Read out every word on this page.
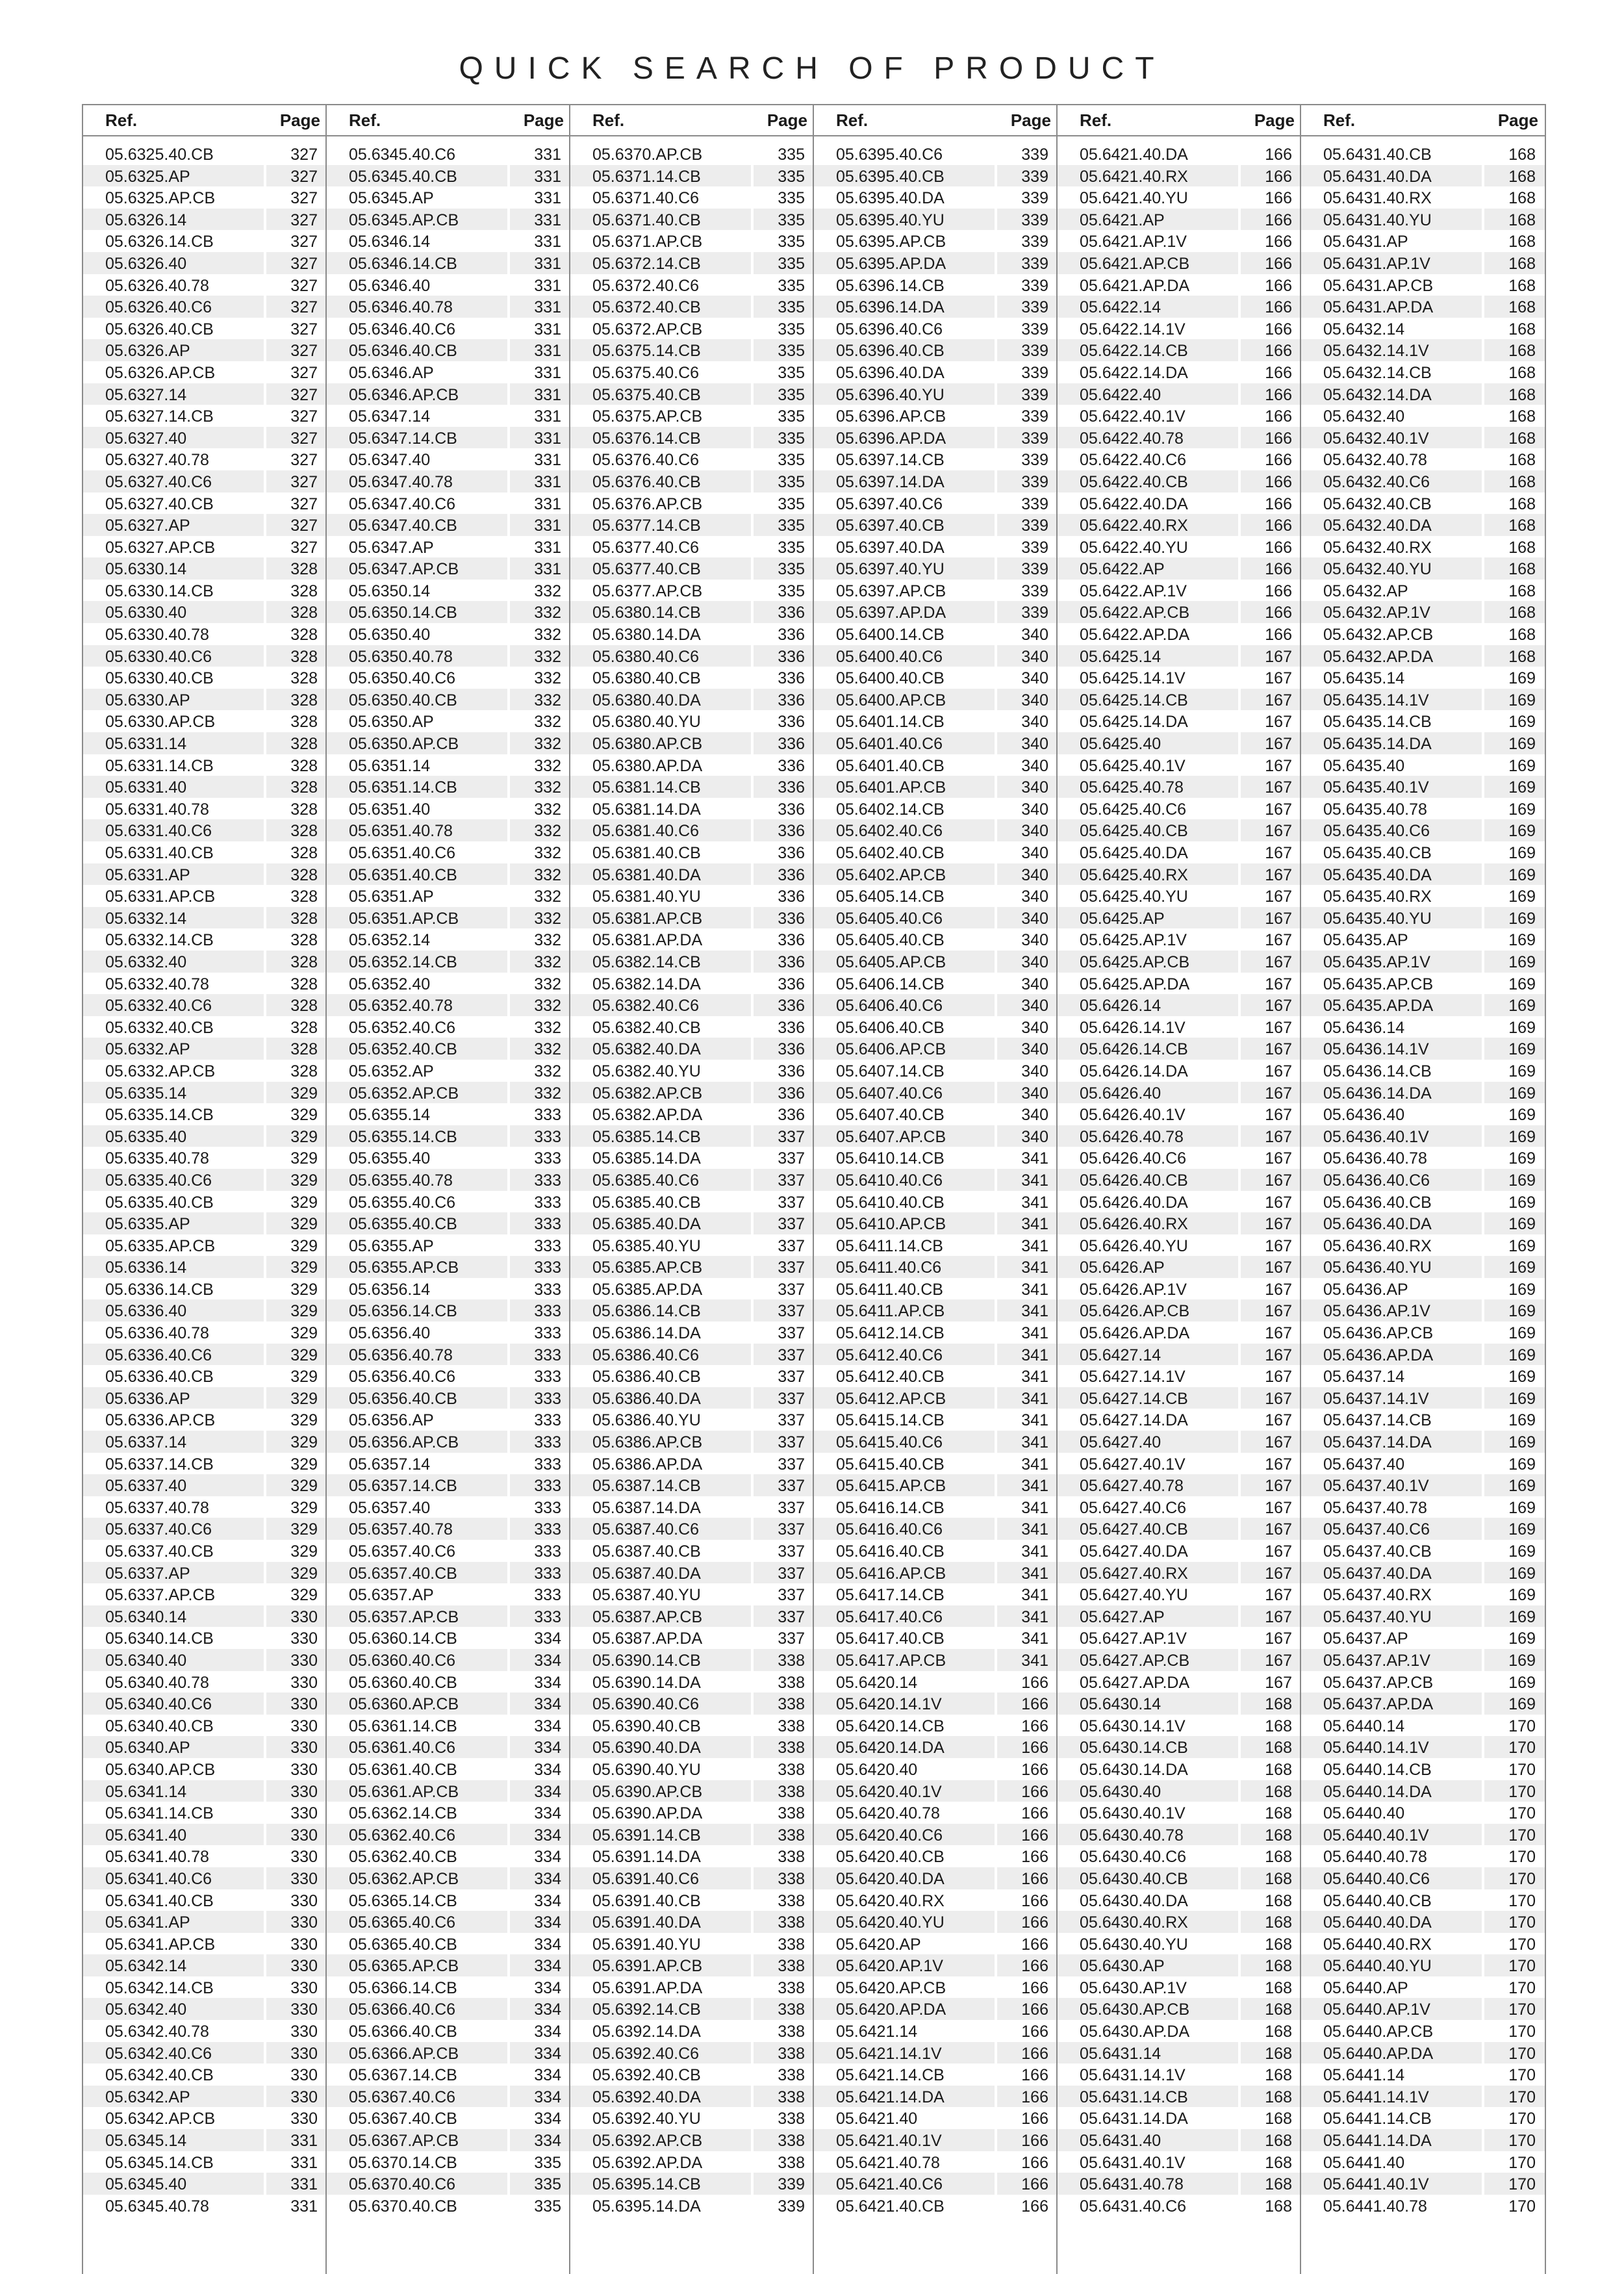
QUICK SEARCH OF PRODUCT
Ref.	Page
05.6325.40.CB	327
05.6325.AP	327
05.6325.AP.CB	327
05.6326.14	327
05.6326.14.CB	327
05.6326.40	327
05.6326.40.78	327
05.6326.40.C6	327
05.6326.40.CB	327
05.6326.AP	327
05.6326.AP.CB	327
05.6327.14	327
05.6327.14.CB	327
05.6327.40	327
05.6327.40.78	327
05.6327.40.C6	327
05.6327.40.CB	327
05.6327.AP	327
05.6327.AP.CB	327
05.6330.14	328
05.6330.14.CB	328
05.6330.40	328
05.6330.40.78	328
05.6330.40.C6	328
05.6330.40.CB	328
05.6330.AP	328
05.6330.AP.CB	328
05.6331.14	328
05.6331.14.CB	328
05.6331.40	328
05.6331.40.78	328
05.6331.40.C6	328
05.6331.40.CB	328
05.6331.AP	328
05.6331.AP.CB	328
05.6332.14	328
05.6332.14.CB	328
05.6332.40	328
05.6332.40.78	328
05.6332.40.C6	328
05.6332.40.CB	328
05.6332.AP	328
05.6332.AP.CB	328
05.6335.14	329
05.6335.14.CB	329
05.6335.40	329
05.6335.40.78	329
05.6335.40.C6	329
05.6335.40.CB	329
05.6335.AP	329
05.6335.AP.CB	329
05.6336.14	329
05.6336.14.CB	329
05.6336.40	329
05.6336.40.78	329
05.6336.40.C6	329
05.6336.40.CB	329
05.6336.AP	329
05.6336.AP.CB	329
05.6337.14	329
05.6337.14.CB	329
05.6337.40	329
05.6337.40.78	329
05.6337.40.C6	329
05.6337.40.CB	329
05.6337.AP	329
05.6337.AP.CB	329
05.6340.14	330
05.6340.14.CB	330
05.6340.40	330
05.6340.40.78	330
05.6340.40.C6	330
05.6340.40.CB	330
05.6340.AP	330
05.6340.AP.CB	330
05.6341.14	330
05.6341.14.CB	330
05.6341.40	330
05.6341.40.78	330
05.6341.40.C6	330
05.6341.40.CB	330
05.6341.AP	330
05.6341.AP.CB	330
05.6342.14	330
05.6342.14.CB	330
05.6342.40	330
05.6342.40.78	330
05.6342.40.C6	330
05.6342.40.CB	330
05.6342.AP	330
05.6342.AP.CB	330
05.6345.14	331
05.6345.14.CB	331
05.6345.40	331
05.6345.40.78	331
Ref.	Page
05.6345.40.C6	331
05.6345.40.CB	331
05.6345.AP	331
05.6345.AP.CB	331
05.6346.14	331
05.6346.14.CB	331
05.6346.40	331
05.6346.40.78	331
05.6346.40.C6	331
05.6346.40.CB	331
05.6346.AP	331
05.6346.AP.CB	331
05.6347.14	331
05.6347.14.CB	331
05.6347.40	331
05.6347.40.78	331
05.6347.40.C6	331
05.6347.40.CB	331
05.6347.AP	331
05.6347.AP.CB	331
05.6350.14	332
05.6350.14.CB	332
05.6350.40	332
05.6350.40.78	332
05.6350.40.C6	332
05.6350.40.CB	332
05.6350.AP	332
05.6350.AP.CB	332
05.6351.14	332
05.6351.14.CB	332
05.6351.40	332
05.6351.40.78	332
05.6351.40.C6	332
05.6351.40.CB	332
05.6351.AP	332
05.6351.AP.CB	332
05.6352.14	332
05.6352.14.CB	332
05.6352.40	332
05.6352.40.78	332
05.6352.40.C6	332
05.6352.40.CB	332
05.6352.AP	332
05.6352.AP.CB	332
05.6355.14	333
05.6355.14.CB	333
05.6355.40	333
05.6355.40.78	333
05.6355.40.C6	333
05.6355.40.CB	333
05.6355.AP	333
05.6355.AP.CB	333
05.6356.14	333
05.6356.14.CB	333
05.6356.40	333
05.6356.40.78	333
05.6356.40.C6	333
05.6356.40.CB	333
05.6356.AP	333
05.6356.AP.CB	333
05.6357.14	333
05.6357.14.CB	333
05.6357.40	333
05.6357.40.78	333
05.6357.40.C6	333
05.6357.40.CB	333
05.6357.AP	333
05.6357.AP.CB	333
05.6360.14.CB	334
05.6360.40.C6	334
05.6360.40.CB	334
05.6360.AP.CB	334
05.6361.14.CB	334
05.6361.40.C6	334
05.6361.40.CB	334
05.6361.AP.CB	334
05.6362.14.CB	334
05.6362.40.C6	334
05.6362.40.CB	334
05.6362.AP.CB	334
05.6365.14.CB	334
05.6365.40.C6	334
05.6365.40.CB	334
05.6365.AP.CB	334
05.6366.14.CB	334
05.6366.40.C6	334
05.6366.40.CB	334
05.6366.AP.CB	334
05.6367.14.CB	334
05.6367.40.C6	334
05.6367.40.CB	334
05.6367.AP.CB	334
05.6370.14.CB	335
05.6370.40.C6	335
05.6370.40.CB	335
Ref.	Page
05.6370.AP.CB	335
05.6371.14.CB	335
05.6371.40.C6	335
05.6371.40.CB	335
05.6371.AP.CB	335
05.6372.14.CB	335
05.6372.40.C6	335
05.6372.40.CB	335
05.6372.AP.CB	335
05.6375.14.CB	335
05.6375.40.C6	335
05.6375.40.CB	335
05.6375.AP.CB	335
05.6376.14.CB	335
05.6376.40.C6	335
05.6376.40.CB	335
05.6376.AP.CB	335
05.6377.14.CB	335
05.6377.40.C6	335
05.6377.40.CB	335
05.6377.AP.CB	335
05.6380.14.CB	336
05.6380.14.DA	336
05.6380.40.C6	336
05.6380.40.CB	336
05.6380.40.DA	336
05.6380.40.YU	336
05.6380.AP.CB	336
05.6380.AP.DA	336
05.6381.14.CB	336
05.6381.14.DA	336
05.6381.40.C6	336
05.6381.40.CB	336
05.6381.40.DA	336
05.6381.40.YU	336
05.6381.AP.CB	336
05.6381.AP.DA	336
05.6382.14.CB	336
05.6382.14.DA	336
05.6382.40.C6	336
05.6382.40.CB	336
05.6382.40.DA	336
05.6382.40.YU	336
05.6382.AP.CB	336
05.6382.AP.DA	336
05.6385.14.CB	337
05.6385.14.DA	337
05.6385.40.C6	337
05.6385.40.CB	337
05.6385.40.DA	337
05.6385.40.YU	337
05.6385.AP.CB	337
05.6385.AP.DA	337
05.6386.14.CB	337
05.6386.14.DA	337
05.6386.40.C6	337
05.6386.40.CB	337
05.6386.40.DA	337
05.6386.40.YU	337
05.6386.AP.CB	337
05.6386.AP.DA	337
05.6387.14.CB	337
05.6387.14.DA	337
05.6387.40.C6	337
05.6387.40.CB	337
05.6387.40.DA	337
05.6387.40.YU	337
05.6387.AP.CB	337
05.6387.AP.DA	337
05.6390.14.CB	338
05.6390.14.DA	338
05.6390.40.C6	338
05.6390.40.CB	338
05.6390.40.DA	338
05.6390.40.YU	338
05.6390.AP.CB	338
05.6390.AP.DA	338
05.6391.14.CB	338
05.6391.14.DA	338
05.6391.40.C6	338
05.6391.40.CB	338
05.6391.40.DA	338
05.6391.40.YU	338
05.6391.AP.CB	338
05.6391.AP.DA	338
05.6392.14.CB	338
05.6392.14.DA	338
05.6392.40.C6	338
05.6392.40.CB	338
05.6392.40.DA	338
05.6392.40.YU	338
05.6392.AP.CB	338
05.6392.AP.DA	338
05.6395.14.CB	339
05.6395.14.DA	339
Ref.	Page
05.6395.40.C6	339
05.6395.40.CB	339
05.6395.40.DA	339
05.6395.40.YU	339
05.6395.AP.CB	339
05.6395.AP.DA	339
05.6396.14.CB	339
05.6396.14.DA	339
05.6396.40.C6	339
05.6396.40.CB	339
05.6396.40.DA	339
05.6396.40.YU	339
05.6396.AP.CB	339
05.6396.AP.DA	339
05.6397.14.CB	339
05.6397.14.DA	339
05.6397.40.C6	339
05.6397.40.CB	339
05.6397.40.DA	339
05.6397.40.YU	339
05.6397.AP.CB	339
05.6397.AP.DA	339
05.6400.14.CB	340
05.6400.40.C6	340
05.6400.40.CB	340
05.6400.AP.CB	340
05.6401.14.CB	340
05.6401.40.C6	340
05.6401.40.CB	340
05.6401.AP.CB	340
05.6402.14.CB	340
05.6402.40.C6	340
05.6402.40.CB	340
05.6402.AP.CB	340
05.6405.14.CB	340
05.6405.40.C6	340
05.6405.40.CB	340
05.6405.AP.CB	340
05.6406.14.CB	340
05.6406.40.C6	340
05.6406.40.CB	340
05.6406.AP.CB	340
05.6407.14.CB	340
05.6407.40.C6	340
05.6407.40.CB	340
05.6407.AP.CB	340
05.6410.14.CB	341
05.6410.40.C6	341
05.6410.40.CB	341
05.6410.AP.CB	341
05.6411.14.CB	341
05.6411.40.C6	341
05.6411.40.CB	341
05.6411.AP.CB	341
05.6412.14.CB	341
05.6412.40.C6	341
05.6412.40.CB	341
05.6412.AP.CB	341
05.6415.14.CB	341
05.6415.40.C6	341
05.6415.40.CB	341
05.6415.AP.CB	341
05.6416.14.CB	341
05.6416.40.C6	341
05.6416.40.CB	341
05.6416.AP.CB	341
05.6417.14.CB	341
05.6417.40.C6	341
05.6417.40.CB	341
05.6417.AP.CB	341
05.6420.14	166
05.6420.14.1V	166
05.6420.14.CB	166
05.6420.14.DA	166
05.6420.40	166
05.6420.40.1V	166
05.6420.40.78	166
05.6420.40.C6	166
05.6420.40.CB	166
05.6420.40.DA	166
05.6420.40.RX	166
05.6420.40.YU	166
05.6420.AP	166
05.6420.AP.1V	166
05.6420.AP.CB	166
05.6420.AP.DA	166
05.6421.14	166
05.6421.14.1V	166
05.6421.14.CB	166
05.6421.14.DA	166
05.6421.40	166
05.6421.40.1V	166
05.6421.40.78	166
05.6421.40.C6	166
05.6421.40.CB	166
Ref.	Page
05.6421.40.DA	166
05.6421.40.RX	166
05.6421.40.YU	166
05.6421.AP	166
05.6421.AP.1V	166
05.6421.AP.CB	166
05.6421.AP.DA	166
05.6422.14	166
05.6422.14.1V	166
05.6422.14.CB	166
05.6422.14.DA	166
05.6422.40	166
05.6422.40.1V	166
05.6422.40.78	166
05.6422.40.C6	166
05.6422.40.CB	166
05.6422.40.DA	166
05.6422.40.RX	166
05.6422.40.YU	166
05.6422.AP	166
05.6422.AP.1V	166
05.6422.AP.CB	166
05.6422.AP.DA	166
05.6425.14	167
05.6425.14.1V	167
05.6425.14.CB	167
05.6425.14.DA	167
05.6425.40	167
05.6425.40.1V	167
05.6425.40.78	167
05.6425.40.C6	167
05.6425.40.CB	167
05.6425.40.DA	167
05.6425.40.RX	167
05.6425.40.YU	167
05.6425.AP	167
05.6425.AP.1V	167
05.6425.AP.CB	167
05.6425.AP.DA	167
05.6426.14	167
05.6426.14.1V	167
05.6426.14.CB	167
05.6426.14.DA	167
05.6426.40	167
05.6426.40.1V	167
05.6426.40.78	167
05.6426.40.C6	167
05.6426.40.CB	167
05.6426.40.DA	167
05.6426.40.RX	167
05.6426.40.YU	167
05.6426.AP	167
05.6426.AP.1V	167
05.6426.AP.CB	167
05.6426.AP.DA	167
05.6427.14	167
05.6427.14.1V	167
05.6427.14.CB	167
05.6427.14.DA	167
05.6427.40	167
05.6427.40.1V	167
05.6427.40.78	167
05.6427.40.C6	167
05.6427.40.CB	167
05.6427.40.DA	167
05.6427.40.RX	167
05.6427.40.YU	167
05.6427.AP	167
05.6427.AP.1V	167
05.6427.AP.CB	167
05.6427.AP.DA	167
05.6430.14	168
05.6430.14.1V	168
05.6430.14.CB	168
05.6430.14.DA	168
05.6430.40	168
05.6430.40.1V	168
05.6430.40.78	168
05.6430.40.C6	168
05.6430.40.CB	168
05.6430.40.DA	168
05.6430.40.RX	168
05.6430.40.YU	168
05.6430.AP	168
05.6430.AP.1V	168
05.6430.AP.CB	168
05.6430.AP.DA	168
05.6431.14	168
05.6431.14.1V	168
05.6431.14.CB	168
05.6431.14.DA	168
05.6431.40	168
05.6431.40.1V	168
05.6431.40.78	168
05.6431.40.C6	168
Ref.	Page
05.6431.40.CB	168
05.6431.40.DA	168
05.6431.40.RX	168
05.6431.40.YU	168
05.6431.AP	168
05.6431.AP.1V	168
05.6431.AP.CB	168
05.6431.AP.DA	168
05.6432.14	168
05.6432.14.1V	168
05.6432.14.CB	168
05.6432.14.DA	168
05.6432.40	168
05.6432.40.1V	168
05.6432.40.78	168
05.6432.40.C6	168
05.6432.40.CB	168
05.6432.40.DA	168
05.6432.40.RX	168
05.6432.40.YU	168
05.6432.AP	168
05.6432.AP.1V	168
05.6432.AP.CB	168
05.6432.AP.DA	168
05.6435.14	169
05.6435.14.1V	169
05.6435.14.CB	169
05.6435.14.DA	169
05.6435.40	169
05.6435.40.1V	169
05.6435.40.78	169
05.6435.40.C6	169
05.6435.40.CB	169
05.6435.40.DA	169
05.6435.40.RX	169
05.6435.40.YU	169
05.6435.AP	169
05.6435.AP.1V	169
05.6435.AP.CB	169
05.6435.AP.DA	169
05.6436.14	169
05.6436.14.1V	169
05.6436.14.CB	169
05.6436.14.DA	169
05.6436.40	169
05.6436.40.1V	169
05.6436.40.78	169
05.6436.40.C6	169
05.6436.40.CB	169
05.6436.40.DA	169
05.6436.40.RX	169
05.6436.40.YU	169
05.6436.AP	169
05.6436.AP.1V	169
05.6436.AP.CB	169
05.6436.AP.DA	169
05.6437.14	169
05.6437.14.1V	169
05.6437.14.CB	169
05.6437.14.DA	169
05.6437.40	169
05.6437.40.1V	169
05.6437.40.78	169
05.6437.40.C6	169
05.6437.40.CB	169
05.6437.40.DA	169
05.6437.40.RX	169
05.6437.40.YU	169
05.6437.AP	169
05.6437.AP.1V	169
05.6437.AP.CB	169
05.6437.AP.DA	169
05.6440.14	170
05.6440.14.1V	170
05.6440.14.CB	170
05.6440.14.DA	170
05.6440.40	170
05.6440.40.1V	170
05.6440.40.78	170
05.6440.40.C6	170
05.6440.40.CB	170
05.6440.40.DA	170
05.6440.40.RX	170
05.6440.40.YU	170
05.6440.AP	170
05.6440.AP.1V	170
05.6440.AP.CB	170
05.6440.AP.DA	170
05.6441.14	170
05.6441.14.1V	170
05.6441.14.CB	170
05.6441.14.DA	170
05.6441.40	170
05.6441.40.1V	170
05.6441.40.78	170
